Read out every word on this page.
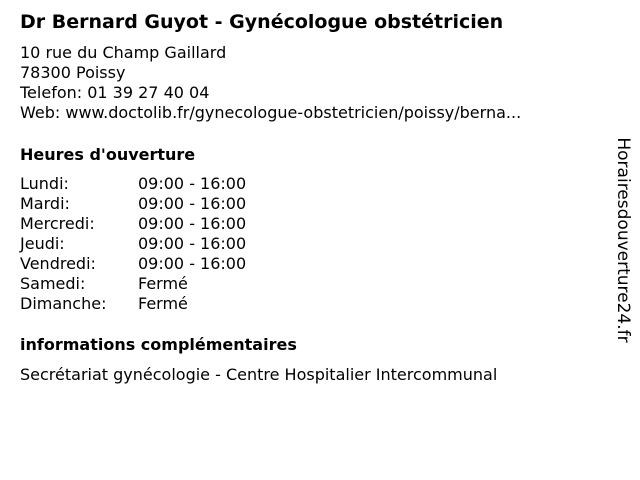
Dr Bernard Guyot - Gynécologue obstétricien
10 rue du Champ Gaillard
78300 Poissy
Telefon: 01 39 27 40 04
Web: www.doctolib.fr/gynecologue-obstetricien/poissy/berna...
Heures d'ouverture
Lundi:	09:00 - 16:00
Mardi:	09:00 - 16:00
Mercredi:	09:00 - 16:00
Jeudi:	09:00 - 16:00
Vendredi:	09:00 - 16:00
Samedi:	Fermé
Dimanche:	Fermé
informations complémentaires
Secrétariat gynécologie - Centre Hospitalier Intercommunal
Horairesdouverture24.fr
